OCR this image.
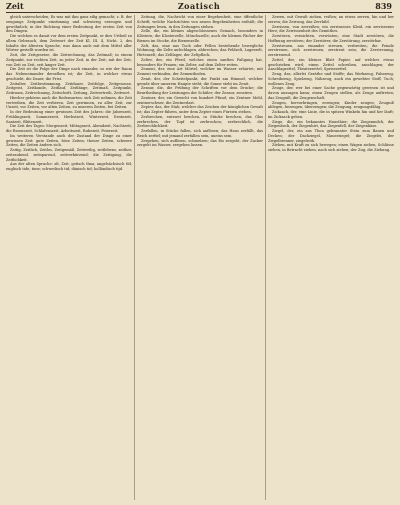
Zeit	Zoatisch	839

gleich unterscheiden; Es was mit ihm ganz eilig gemacht, z. B. der zeugungs Zeitpunkt einstimmig und schwierig erzeugen und gewöhnlich; in der Richtung einer Bedeutung der ersten Zeit von den Dingen.

Die welchen es damit vor dem ersten Zeitpunkt, er dies Urtheil zu allem Gebrauch, dem Zeitwort der Zeit Kl. III. 4, Nicht. 2, des Inhalts der ältesten Sprache, was dann auch mit dem Mittel aller Wörter gestellt worden ist.

Zeit, die Zeitgesetze, die Zeitrechnung, das Zeitmaß; in einem Zeitpunkt, zur rechten Zeit, zu jeder Zeit, in der Zeit; mit der Zeit, von Zeit zu Zeit, seit langer Zeit.

Die Zeit ist die Folge der Dinge nach einander, so wie der Raum das Nebeneinander derselben ist; die Zeit, in welcher etwas geschieht, die Dauer, die Frist.

Zeitalter, Zeitbestimmung, Zeitdauer, Zeitfolge, Zeitgenosse, Zeitgeist, Zeitkunde, Zeitlauf, Zeitlänge, Zeitmaß, Zeitpunkt, Zeitraum, Zeitrechnung, Zeitschrift, Zeitung, Zeitvertreib, Zeitwort.

Hierher gehören auch die Redensarten: sich Zeit nehmen, die Zeit vertreiben, die Zeit verlieren, Zeit gewinnen, zu aller Zeit, zur Unzeit, vor Zeiten, vor alten Zeiten, zu unseren Zeiten, bei Zeiten.

In der Bedeutung einer gewissen Zeit des Jahres: die Jahreszeit, Frühlingszeit, Sommerzeit, Herbstzeit, Winterzeit, Erntezeit, Saatzeit, Blütenzeit.

Die Zeit des Tages: Morgenzeit, Mittagszeit, Abendzeit, Nachtzeit; die Essenszeit, Schlafenszeit, Arbeitszeit, Ruhezeit, Feierzeit.

Im weiteren Verstande auch der Zustand der Dinge zu einer gewissen Zeit: gute Zeiten, böse Zeiten, theure Zeiten, schwere Zeiten, die Zeiten ändern sich.

Zeitig, Zeitlich, Zeitlos, Zeitgemäß, Zeitweilig, zeitlebens, zeither, zeitraubend, zeitsparend, zeitverkürzend; die Zeitigung, die Zeitlichkeit.

Aus der alten Sprache: zît, Zeit; gotisch tîma; angelsächsisch tîd; englisch tide, time; schwedisch tid; dänisch tid; holländisch tijd.

Zeitung, die, Nachricht von einer Begebenheit, eine öffentliche Schrift, welche Nachrichten von neuen Begebenheiten enthält; die Zeitungen lesen, in den Zeitungen stehen.

Zelle, die, ein kleines abgeschlossenes Gemach, besonders in Klöstern; die Klosterzelle, Mönchszelle; auch die kleinen Fächer der Bienen im Stocke, die Bienenzelle.

Zelt, das, eine aus Tuch oder Fellen bestehende bewegliche Wohnung; die Zelte aufschlagen, abbrechen; das Feldzelt, Lagerzelt, Hirtenzelt; das Zeltlager, der Zeltpflock.

Zelter, der, ein Pferd, welches einen sanften Paßgang hat, besonders für Frauen; ein Zelter, auf dem Zelter reiten.

Zement, der, eine Art Mörtel, welcher im Wasser erhärtet; mit Zement verbinden, der Zementboden.

Zenit, der, der Scheitelpunkt, der Punkt am Himmel, welcher gerade über unserem Haupte steht; die Sonne steht im Zenit.

Zensur, die, die Prüfung der Schriften vor dem Drucke; die Beurtheilung der Leistungen der Schüler; der Zensor, zensiren.

Zentner, der, ein Gewicht von hundert Pfund; ein Zentner Mehl, zentnerschwer, die Zentnerlast.

Zepter, das, der Stab, welcher das Zeichen der königlichen Gewalt ist; das Zepter führen, unter dem Zepter eines Fürsten stehen.

Zerbrechen, entzwei brechen, in Stücke brechen; das Glas zerbrechen, der Topf ist zerbrochen; zerbrechlich, die Zerbrechlichkeit.

Zerfallen, in Stücke fallen, sich auflösen; das Haus zerfällt, das Reich zerfiel; mit jemand zerfallen sein, uneins sein.

Zergehen, sich auflösen, schmelzen; das Eis zergeht, der Zucker zergeht im Wasser, zergehen lassen.

Zerren, mit Gewalt ziehen, reißen; an etwas zerren, hin und her zerren; die Zerrung, das Zerrbild.

Zerrissen, von zerreißen; ein zerrissenes Kleid, ein zerrissenes Herz; die Zerrissenheit des Gemüthes.

Zerstören, vernichten, verwüsten; eine Stadt zerstören, die Hoffnung zerstören; der Zerstörer, die Zerstörung, zerstörbar.

Zerstreuen, aus einander streuen, verbreiten; die Feinde zerstreuen, sich zerstreuen, zerstreut sein; die Zerstreuung, zerstreuend.

Zettel, der, ein kleines Blatt Papier, auf welches etwas geschrieben wird; einen Zettel schreiben, anschlagen; der Anschlagzettel, Theaterzettel, Speisezettel.

Zeug, das, allerlei Geräthe und Stoffe; das Werkzeug, Fahrzeug, Schreibzeug, Spielzeug, Nähzeug; auch ein gewebter Stoff, Tuch; wollenes Zeug.

Zeuge, der, wer bei einer Sache gegenwärtig gewesen ist und davon aussagen kann; einen Zeugen stellen, als Zeuge auftreten; das Zeugniß, die Zeugenschaft.

Zeugen, hervorbringen, erzeugen; Kinder zeugen; Zeugniß ablegen, bezeugen, überzeugen; die Zeugung, zeugungsfähig.

Zickzack, der, eine Linie, die in spitzen Winkeln hin und her läuft; im Zickzack gehen.

Ziege, die, ein bekanntes Hausthier; die Ziegenmilch, der Ziegenbock, der Ziegenhirt, das Ziegenfell, der Ziegenkäse.

Ziegel, der, ein aus Thon gebrannter Stein zum Bauen und Decken; der Dachziegel, Mauerziegel; die Ziegelei, der Ziegelbrenner, ziegelroth.

Ziehen, mit Kraft zu sich bewegen; einen Wagen ziehen, Schlüsse ziehen, in Betracht ziehen, nach sich ziehen; der Zug, die Ziehung.
